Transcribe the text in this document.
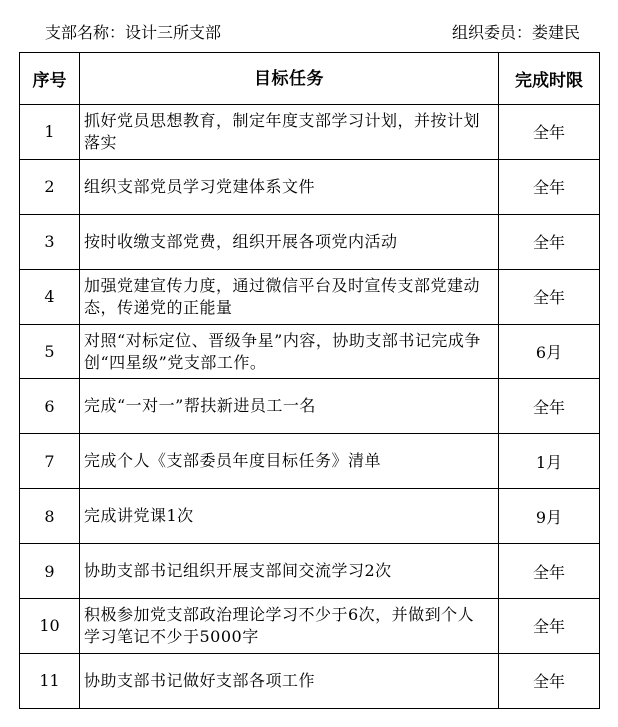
支部名称：设计三所支部	组织委员：娄建民
序号	目标任务	完成时限
1	抓好党员思想教育，制定年度支部学习计划，并按计划落实	全年
2	组织支部党员学习党建体系文件	全年
3	按时收缴支部党费，组织开展各项党内活动	全年
4	加强党建宣传力度，通过微信平台及时宣传支部党建动态，传递党的正能量	全年
5	对照“对标定位、晋级争星”内容，协助支部书记完成争创“四星级”党支部工作。	6月
6	完成“一对一”帮扶新进员工一名	全年
7	完成个人《支部委员年度目标任务》清单	1月
8	完成讲党课1次	9月
9	协助支部书记组织开展支部间交流学习2次	全年
10	积极参加党支部政治理论学习不少于6次，并做到个人学习笔记不少于5000字	全年
11	协助支部书记做好支部各项工作	全年
